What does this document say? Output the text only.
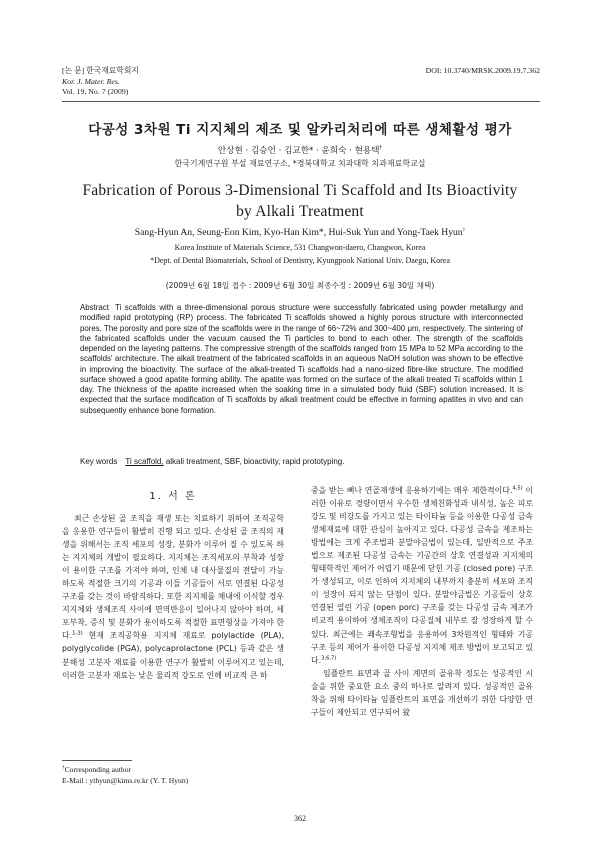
[논 문] 한국재료학회지
Kor. J. Mater. Res.
Vol. 19, No. 7 (2009)
DOI: 10.3740/MRSK.2009.19.7.362
다공성 3차원 Ti 지지체의 제조 및 알카리처리에 따른 생체활성 평가
안상현 · 김승언 · 김교한* · 윤희숙 · 현용택†
한국기계연구원 부설 재료연구소, *경북대학교 치과대학 치과재료학교실
Fabrication of Porous 3-Dimensional Ti Scaffold and Its Bioactivity
by Alkali Treatment
Sang-Hyun An, Seung-Eon Kim, Kyo-Han Kim*, Hui-Suk Yun and Yong-Taek Hyun†
Korea Institute of Materials Science, 531 Changwon-daero, Changwon, Korea
*Dept. of Dental Biomaterials, School of Dentistry, Kyungpook National Univ. Daegu, Korea
(2009년 6월 18일 접수 : 2009년 6월 30일 최종수정 : 2009년 6월 30일 채택)
Abstract Ti scaffolds with a three-dimensional porous structure were successfully fabricated using powder metallurgy and modified rapid prototyping (RP) process. The fabricated Ti scaffolds showed a highly porous structure with interconnected pores. The porosity and pore size of the scaffolds were in the range of 66~72% and 300~400 μm, respectively. The sintering of the fabricated scaffolds under the vacuum caused the Ti particles to bond to each other. The strength of the scaffolds depended on the layering patterns. The compressive strength of the scaffolds ranged from 15 MPa to 52 MPa according to the scaffolds' architecture. The alkali treatment of the fabricated scaffolds in an aqueous NaOH solution was shown to be effective in improving the bioactivity. The surface of the alkali-treated Ti scaffolds had a nano-sized fibre-like structure. The modified surface showed a good apatite forming ability. The apatite was formed on the surface of the alkali treated Ti scaffolds within 1 day. The thickness of the apatite increased when the soaking time in a simulated body fluid (SBF) solution increased. It is expected that the surface modification of Ti scaffolds by alkali treatment could be effective in forming apatites in vivo and can subsequently enhance bone formation.
Key words Ti scaffold, alkali treatment, SBF, bioactivity, rapid prototyping.
1. 서 론

최근 손상된 골 조직을 재생 또는 치료하기 위하여 조직공학을 응용한 연구들이 활발히 진행 되고 있다. 손상된 골 조직의 재생을 위해서는 조직 세포의 성장, 분화가 이루어 질 수 있도록 하는 지지체의 개발이 필요하다. 지지체는 조직세포의 부착과 성장이 용이한 구조를 가져야 하며, 인체 내 대사물질의 전달이 가능하도록 적절한 크기의 기공과 이들 기공들이 서로 연결된 다공성 구조를 갖는 것이 바람직하다. 또한 지지체를 체내에 이식할 경우 지지체와 생체조직 사이에 면역반응이 일어나지 않아야 하며, 세포부착, 증식 및 분화가 용이하도록 적절한 표면형상을 가져야 한다.$^{1-3)}$ 현재 조직공학용 지지체 재료로 polylactide (PLA), polyglycolide (PGA), polycaprolactone (PCL) 등과 같은 생분해성 고분자 재료를 이용한 연구가 활발히 이루어지고 있는데, 이러한 고분자 재료는 낮은 물리적 강도로 인해 비교적 큰 하

중을 받는 뼈나 연골재생에 응용하기에는 매우 제한적이다.$^{4,5)}$ 이러한 이유로 경량이면서 우수한 생체친화성과 내식성, 높은 피로강도 및 비강도를 가지고 있는 타이타늄 등을 이용한 다공성 금속 생체재료에 대한 관심이 높아지고 있다. 다공성 금속을 제조하는 방법에는 크게 주조법과 분말야금법이 있는데, 일반적으로 주조법으로 제조된 다공성 금속는 기공간의 상호 연결성과 지지체의 형태학적인 제어가 어렵기 때문에 닫힌 기공 (closed pore) 구조가 생성되고, 이로 인하여 지지체의 내부까지 충분히 세포와 조직이 성장이 되지 않는 단점이 있다. 분말야금법은 기공들이 상호 연결된 열린 기공 (open porc) 구조를 갖는 다공성 금속 제조가 비교적 용이하여 생체조직이 다공질체 내부로 잘 성장하게 할 수 있다. 최근에는 쾌속조형법을 응용하여 3차원적인 형태와 기공 구조 등의 제어가 용이한 다공성 지지체 제조 방법이 보고되고 있다.$^{3,6,7)}$

임플란트 표면과 골 사이 계면의 골유착 정도는 성공적인 시술을 위한 중요한 요소 중의 하나로 알려져 있다. 성공적인 골유착을 위해 타이타늄 임플란트의 표면을 개선하기 위한 다양한 연구들이 제안되고 연구되어 왔

†Corresponding author
E-Mail : ythyun@kims.re.kr (Y. T. Hyun)
362
